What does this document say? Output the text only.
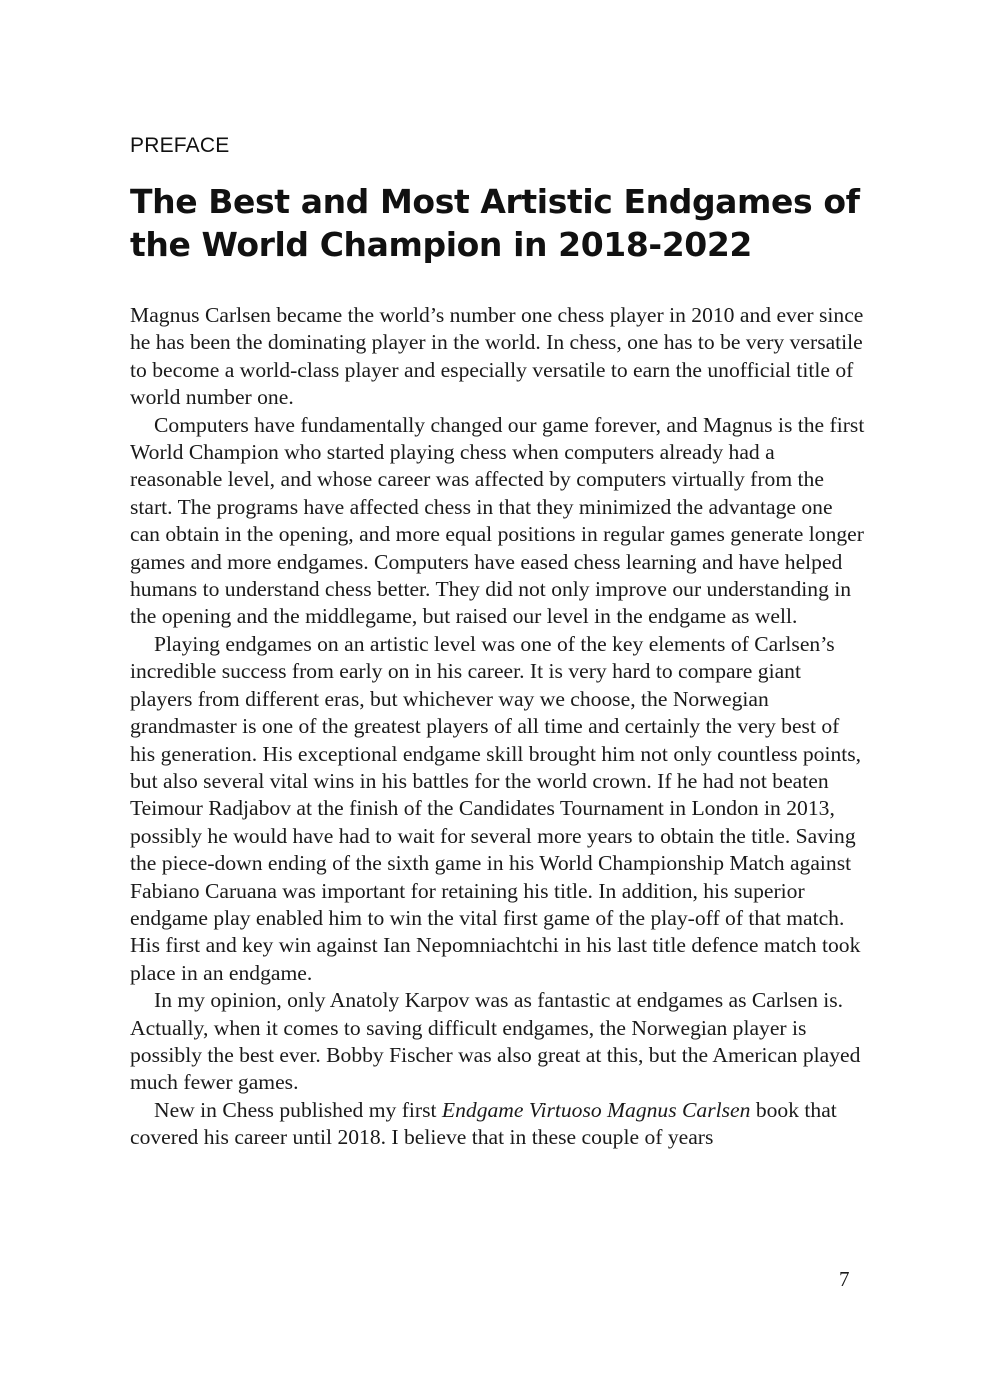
PREFACE
The Best and Most Artistic Endgames of
the World Champion in 2018-2022

Magnus Carlsen became the world’s number one chess player in 2010 and ever since he has been the dominating player in the world. In chess, one has to be very versatile to become a world-class player and especially versatile to earn the unofficial title of world number one.

Computers have fundamentally changed our game forever, and Magnus is the first World Champion who started playing chess when computers already had a reasonable level, and whose career was affected by computers virtually from the start. The programs have affected chess in that they minimized the advantage one can obtain in the opening, and more equal positions in regular games generate longer games and more endgames. Computers have eased chess learning and have helped humans to understand chess better. They did not only improve our understanding in the opening and the middlegame, but raised our level in the endgame as well.

Playing endgames on an artistic level was one of the key elements of Carlsen’s incredible success from early on in his career. It is very hard to compare giant players from different eras, but whichever way we choose, the Norwegian grandmaster is one of the greatest players of all time and certainly the very best of his generation. His exceptional endgame skill brought him not only countless points, but also several vital wins in his battles for the world crown. If he had not beaten Teimour Radjabov at the finish of the Candidates Tournament in London in 2013, possibly he would have had to wait for several more years to obtain the title. Saving the piece-down ending of the sixth game in his World Championship Match against Fabiano Caruana was important for retaining his title. In addition, his superior endgame play enabled him to win the vital first game of the play-off of that match. His first and key win against Ian Nepomniachtchi in his last title defence match took place in an endgame.

In my opinion, only Anatoly Karpov was as fantastic at endgames as Carlsen is. Actually, when it comes to saving difficult endgames, the Norwegian player is possibly the best ever. Bobby Fischer was also great at this, but the American played much fewer games.

New in Chess published my first Endgame Virtuoso Magnus Carlsen book that covered his career until 2018. I believe that in these couple of years

7
